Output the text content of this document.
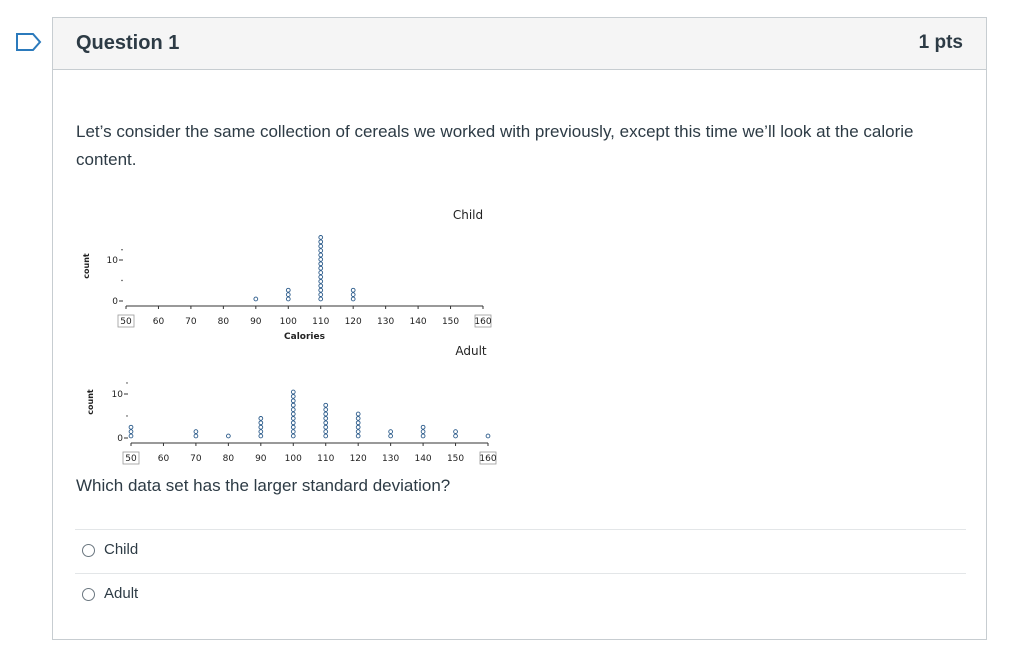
Question 1	1 pts
Let’s consider the same collection of cereals we worked with previously, except this time we’ll look at the calorie content.
Child
count
0
10
50 60 70 80 90 100 110 120 130 140 150 160
Calories
Adult
count
0
10
50 60 70 80 90 100 110 120 130 140 150 160
Which data set has the larger standard deviation?
Child
Adult
